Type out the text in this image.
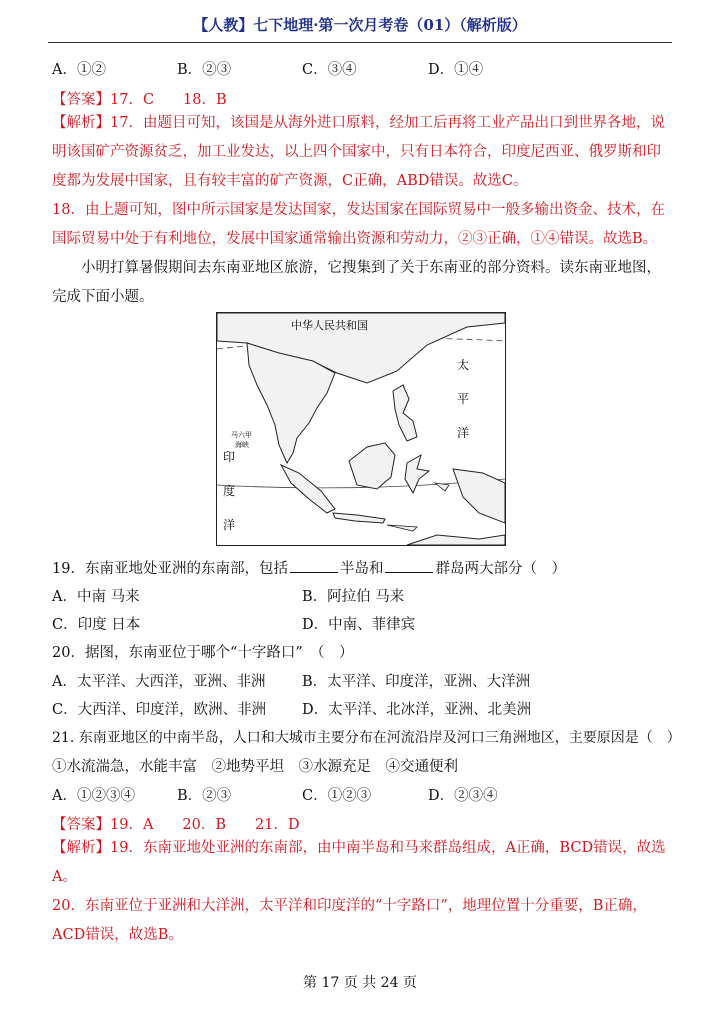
【人教】七下地理·第一次月考卷（01）（解析版）
A．①②	B．②③	C．③④	D．①④
【答案】17．C　　18．B
【解析】17．由题目可知，该国是从海外进口原料，经加工后再将工业产品出口到世界各地，说明该国矿产资源贫乏，加工业发达，以上四个国家中，只有日本符合，印度尼西亚、俄罗斯和印度都为发展中国家，且有较丰富的矿产资源，C正确，ABD错误。故选C。
18．由上题可知，图中所示国家是发达国家，发达国家在国际贸易中一般多输出资金、技术，在国际贸易中处于有利地位，发展中国家通常输出资源和劳动力，②③正确，①④错误。故选B。
小明打算暑假期间去东南亚地区旅游，它搜集到了关于东南亚的部分资料。读东南亚地图，完成下面小题。
中华人民共和国
太
平
洋
印
度
洋
马六甲
海峡
19．东南亚地处亚洲的东南部，包括	半岛和	群岛两大部分（　）
A．中南 马来	B．阿拉伯 马来
C．印度 日本	D．中南、菲律宾
20．据图，东南亚位于哪个“十字路口”　（　）
A．太平洋、大西洋，亚洲、非洲	B．太平洋、印度洋，亚洲、大洋洲
C．大西洋、印度洋，欧洲、非洲 D．太平洋、北冰洋，亚洲、北美洲
21. 东南亚地区的中南半岛，人口和大城市主要分布在河流沿岸及河口三角洲地区，主要原因是（　）
①水流湍急，水能丰富　②地势平坦　③水源充足　④交通便利
A．①②③④	B．②③	C．①②③	D．②③④
【答案】19．A　　20．B　　21．D
【解析】19．东南亚地处亚洲的东南部，由中南半岛和马来群岛组成，A正确，BCD错误，故选A。
20．东南亚位于亚洲和大洋洲，太平洋和印度洋的“十字路口”，地理位置十分重要，B正确，ACD错误，故选B。
第 17 页 共 24 页
